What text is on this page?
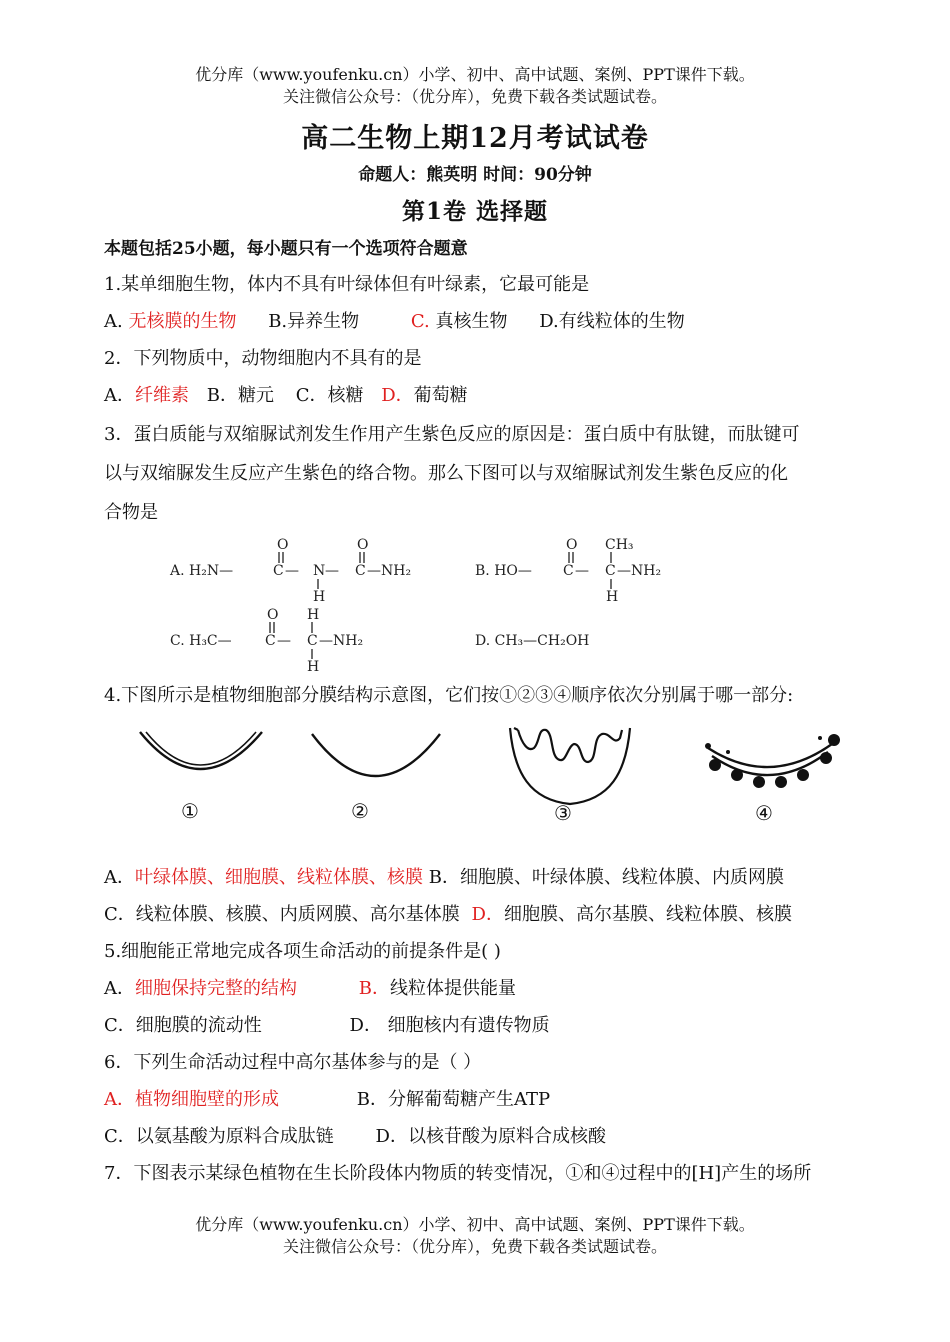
优分库（www.youfenku.cn）小学、初中、高中试题、案例、PPT课件下载。
关注微信公众号：（优分库），免费下载各类试题试卷。
高二生物上期12月考试试卷
命题人：熊英明 时间：90分钟
第1卷 选择题
本题包括25小题，每小题只有一个选项符合题意
1.某单细胞生物，体内不具有叶绿体但有叶绿素，它最可能是
A. 无核膜的生物 B.异养生物	C. 真核生物 D.有线粒体的生物
2．下列物质中，动物细胞内不具有的是
A．纤维素 B．糖元 C．核糖 D．葡萄糖
3．蛋白质能与双缩脲试剂发生作用产生紫色反应的原因是：蛋白质中有肽键，而肽键可
以与双缩脲发生反应产生紫色的络合物。那么下图可以与双缩脲试剂发生紫色反应的化
合物是
A. H₂N—	C
O
— N
H
— C
O
—NH₂	B. HO— C
O
— C
CH₃
H
—NH₂
C. H₃C— C
O
— C
H
H
—NH₂	D. CH₃—CH₂OH
4.下图所示是植物细胞部分膜结构示意图，它们按①②③④顺序依次分别属于哪一部分:
①	②	③	④
A．叶绿体膜、细胞膜、线粒体膜、核膜 B．细胞膜、叶绿体膜、线粒体膜、内质网膜
C．线粒体膜、核膜、内质网膜、高尔基体膜 D．细胞膜、高尔基膜、线粒体膜、核膜
5.细胞能正常地完成各项生命活动的前提条件是( )
A．细胞保持完整的结构	B．线粒体提供能量
C．细胞膜的流动性	D． 细胞核内有遗传物质
6．下列生命活动过程中高尔基体参与的是（ ）
A．植物细胞壁的形成	B．分解葡萄糖产生ATP
C．以氨基酸为原料合成肽链 D．以核苷酸为原料合成核酸
7．下图表示某绿色植物在生长阶段体内物质的转变情况，①和④过程中的[H]产生的场所
优分库（www.youfenku.cn）小学、初中、高中试题、案例、PPT课件下载。
关注微信公众号：（优分库），免费下载各类试题试卷。
